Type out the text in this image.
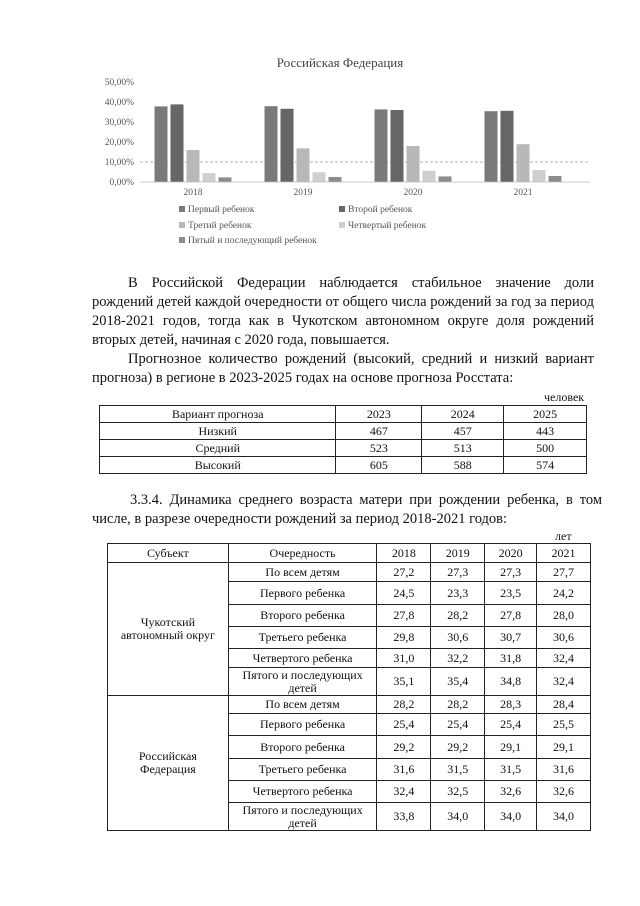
Российская Федерация
0,00%
10,00%
20,00%
30,00%
40,00%
50,00%
2018	2019	2020	2021
Первый ребенок	Второй ребенок
Третий ребенок	Четвертый ребенок
Пятый и последующий ребенок

В Российской Федерации наблюдается стабильное значение доли рождений детей каждой очередности от общего числа рождений за год за период 2018-2021 годов, тогда как в Чукотском автономном округе доля рождений вторых детей, начиная с 2020 года, повышается.

Прогнозное количество рождений (высокий, средний и низкий вариант прогноза) в регионе в 2023-2025 годах на основе прогноза Росстата:

человек
Вариант прогноза	2023	2024	2025
Низкий	467	457	443
Средний	523	513	500
Высокий	605	588	574

3.3.4. Динамика среднего возраста матери при рождении ребенка, в том числе, в разрезе очередности рождений за период 2018-2021 годов:

лет
Субъект	Очередность	2018	2019	2020	2021
Чукотский автономный округ	По всем детям	27,2	27,3	27,3	27,7
	Первого ребенка	24,5	23,3	23,5	24,2
	Второго ребенка	27,8	28,2	27,8	28,0
	Третьего ребенка	29,8	30,6	30,7	30,6
	Четвертого ребенка	31,0	32,2	31,8	32,4
	Пятого и последующих детей	35,1	35,4	34,8	32,4
Российская Федерация	По всем детям	28,2	28,2	28,3	28,4
	Первого ребенка	25,4	25,4	25,4	25,5
	Второго ребенка	29,2	29,2	29,1	29,1
	Третьего ребенка	31,6	31,5	31,5	31,6
	Четвертого ребенка	32,4	32,5	32,6	32,6
	Пятого и последующих детей	33,8	34,0	34,0	34,0
